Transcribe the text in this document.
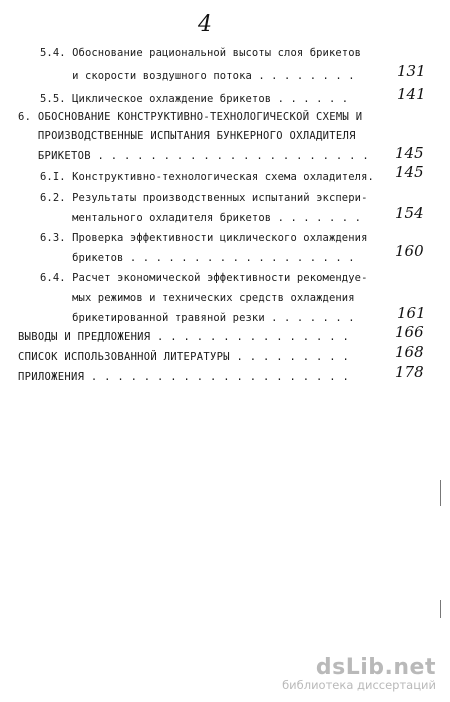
4
5.4. Обоснование рациональной высоты слоя брикетов
и скорости воздушного потока . . . . . . . .	131
5.5. Циклическое охлаждение брикетов . . . . . .	141
6. ОБОСНОВАНИЕ КОНСТРУКТИВНО-ТЕХНОЛОГИЧЕСКОЙ СХЕМЫ И
ПРОИЗВОДСТВЕННЫЕ ИСПЫТАНИЯ БУНКЕРНОГО ОХЛАДИТЕЛЯ
БРИКЕТОВ . . . . . . . . . . . . . . . . . . . . . 145
6.I. Конструктивно-технологическая схема охладителя. 145
6.2. Результаты производственных испытаний экспери-
ментального охладителя брикетов . . . . . . . 154
6.3. Проверка эффективности циклического охлаждения
брикетов . . . . . . . . . . . . . . . . . .	160
6.4. Расчет экономической эффективности рекомендуе-
мых режимов и технических средств охлаждения
брикетированной травяной резки . . . . . . .	161
ВЫВОДЫ И ПРЕДЛОЖЕНИЯ . . . . . . . . . . . . . . .	166
СПИСОК ИСПОЛЬЗОВАННОЙ ЛИТЕРАТУРЫ . . . . . . . . .	168
ПРИЛОЖЕНИЯ . . . . . . . . . . . . . . . . . . . .	178
dsLib.net
библиотека диссертаций
